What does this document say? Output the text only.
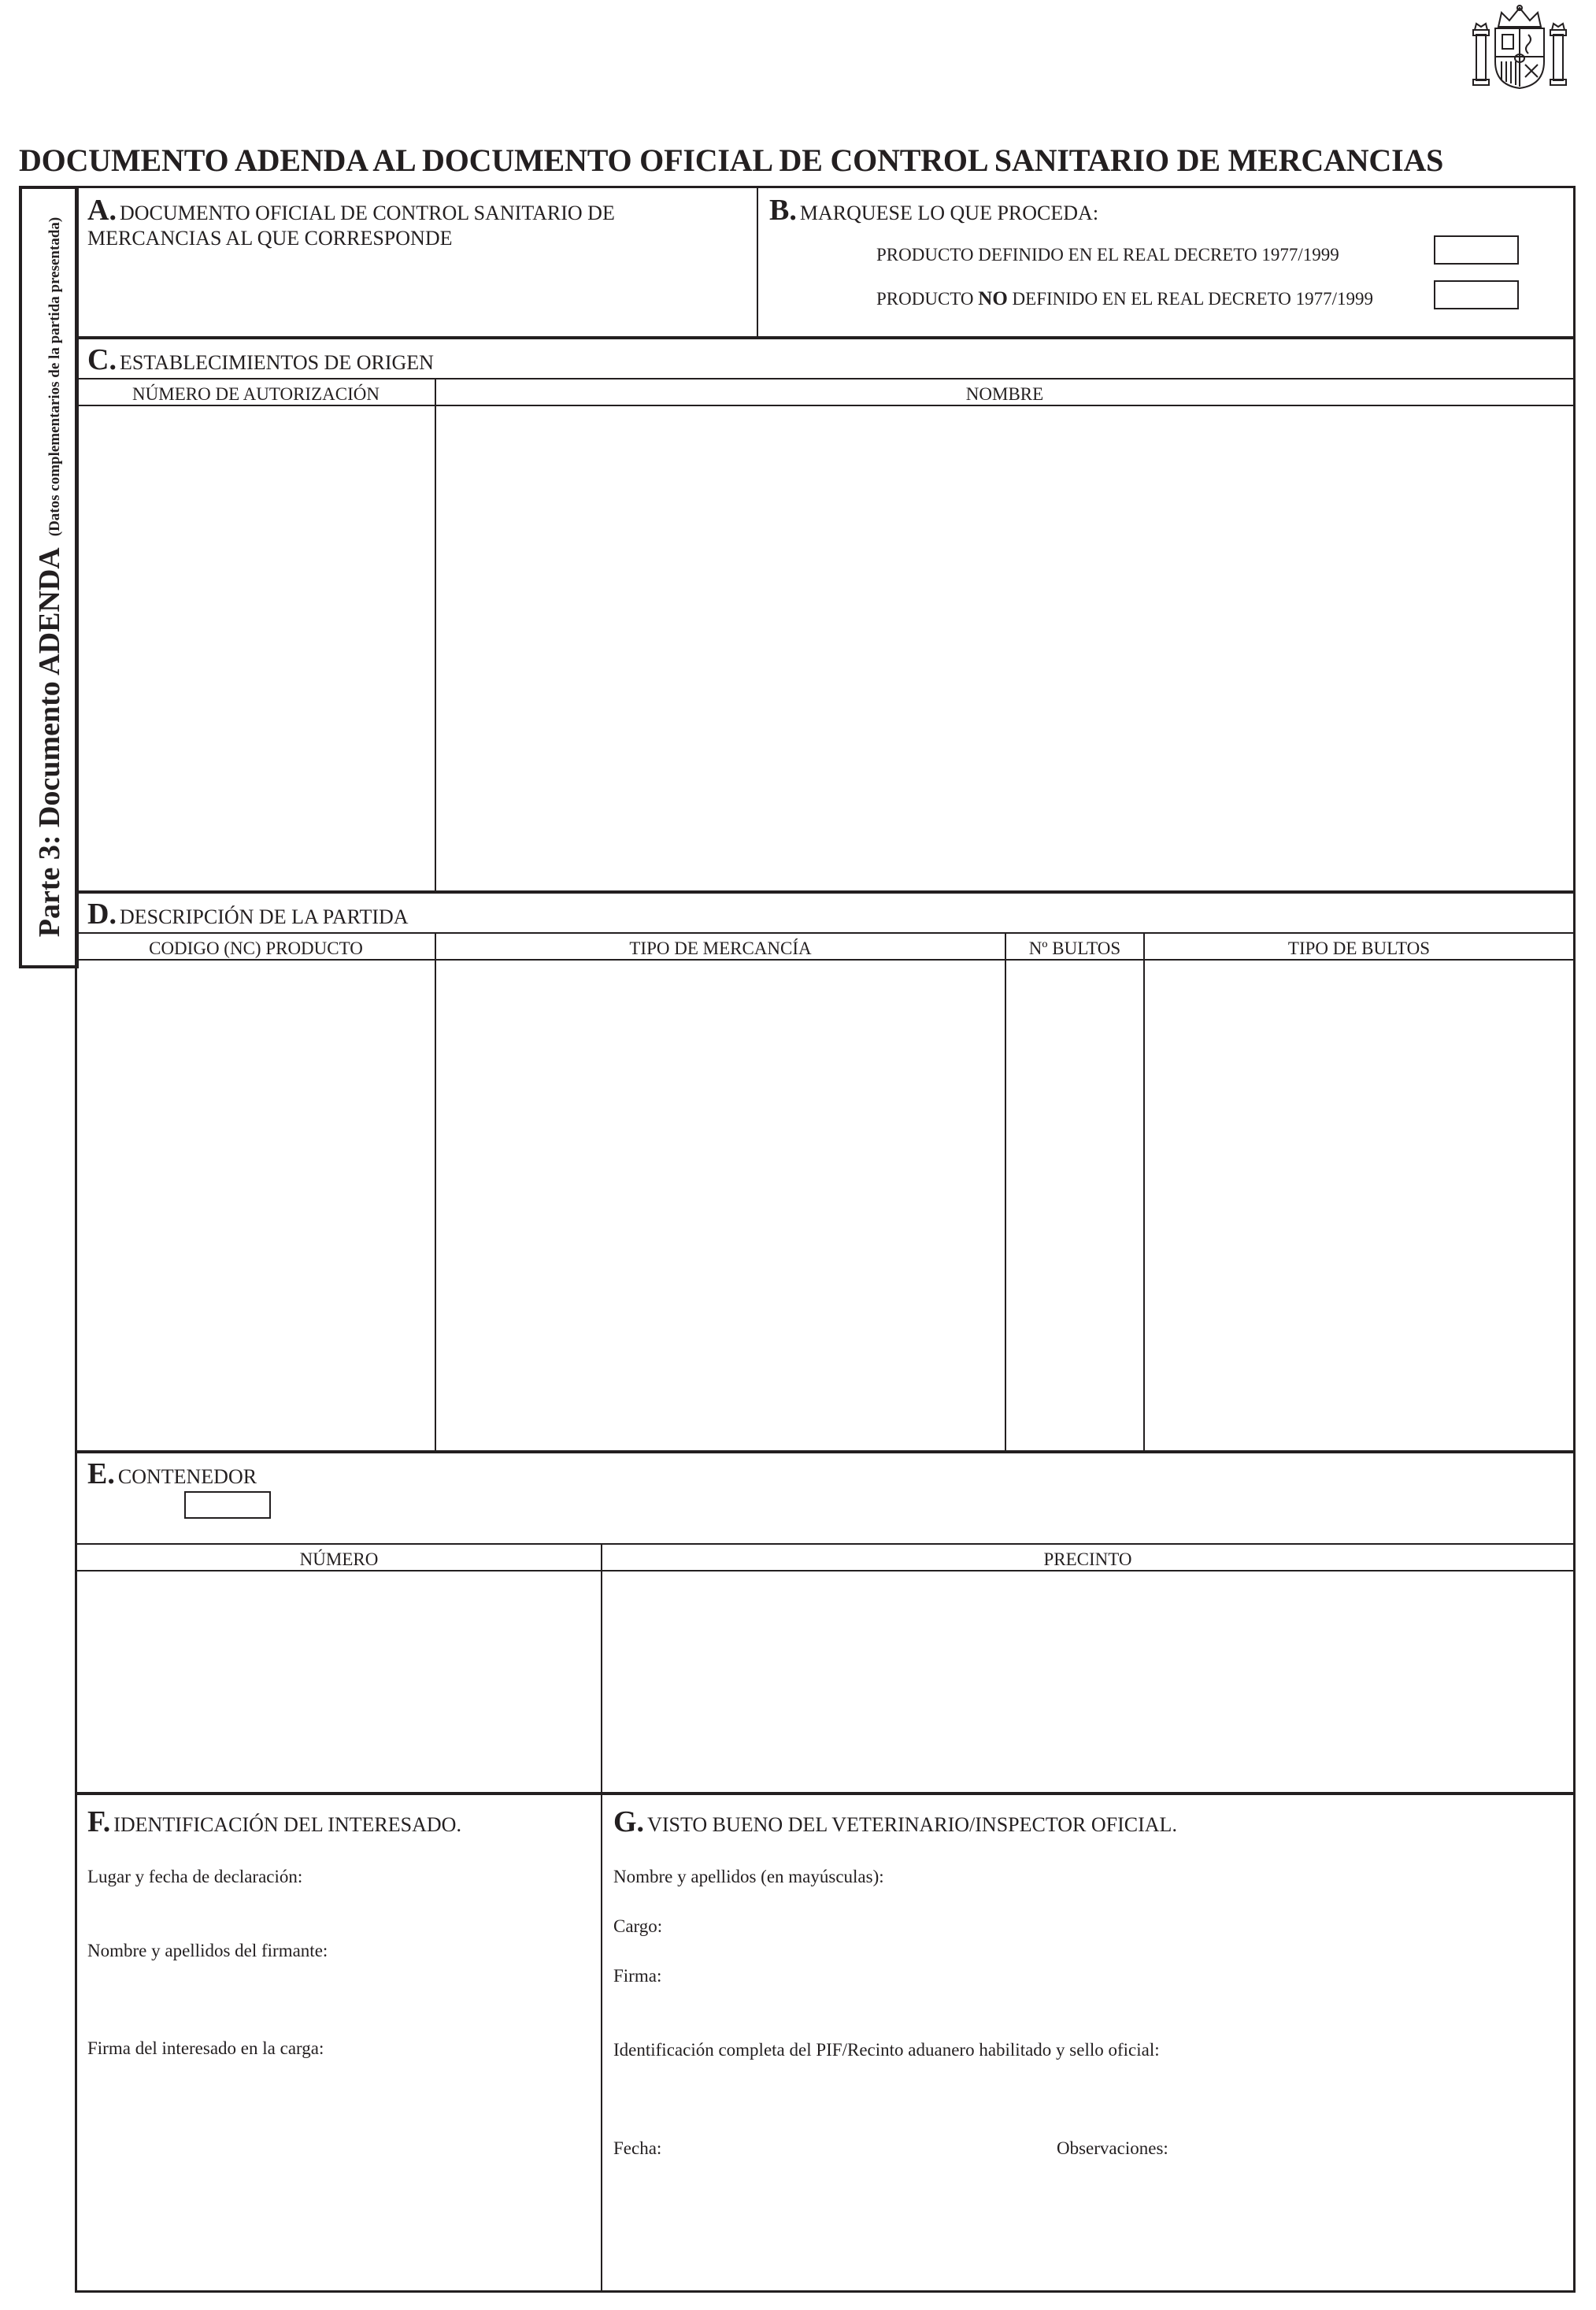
DOCUMENTO ADENDA AL DOCUMENTO OFICIAL DE CONTROL SANITARIO DE MERCANCIAS
Parte 3: Documento ADENDA (Datos complementarios de la partida presentada)
A. DOCUMENTO OFICIAL DE CONTROL SANITARIO DE
MERCANCIAS AL QUE CORRESPONDE
B. MARQUESE LO QUE PROCEDA:
PRODUCTO DEFINIDO EN EL REAL DECRETO 1977/1999
PRODUCTO NO DEFINIDO EN EL REAL DECRETO 1977/1999
C. ESTABLECIMIENTOS DE ORIGEN
NÚMERO DE AUTORIZACIÓN	NOMBRE
D. DESCRIPCIÓN DE LA PARTIDA
CODIGO (NC) PRODUCTO	TIPO DE MERCANCÍA	Nº BULTOS	TIPO DE BULTOS
E. CONTENEDOR
NÚMERO	PRECINTO
F. IDENTIFICACIÓN DEL INTERESADO.
Lugar y fecha de declaración:
Nombre y apellidos del firmante:
Firma del interesado en la carga:
G. VISTO BUENO DEL VETERINARIO/INSPECTOR OFICIAL.
Nombre y apellidos (en mayúsculas):
Cargo:
Firma:
Identificación completa del PIF/Recinto aduanero habilitado y sello oficial:
Fecha:	Observaciones:
